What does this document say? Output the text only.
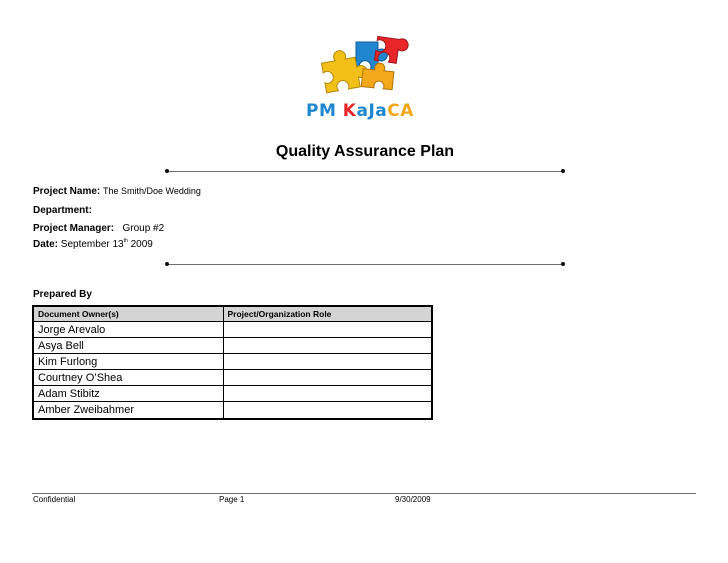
PM KaJaCA
Quality Assurance Plan
Project Name: The Smith/Doe Wedding
Department:
Project Manager: Group #2
Date: September 13th 2009
Prepared By
Document Owner(s)	Project/Organization Role
Jorge Arevalo	
Asya Bell	
Kim Furlong	
Courtney O’Shea	
Adam Stibitz	
Amber Zweibahmer	
Confidential	Page 1	9/30/2009
